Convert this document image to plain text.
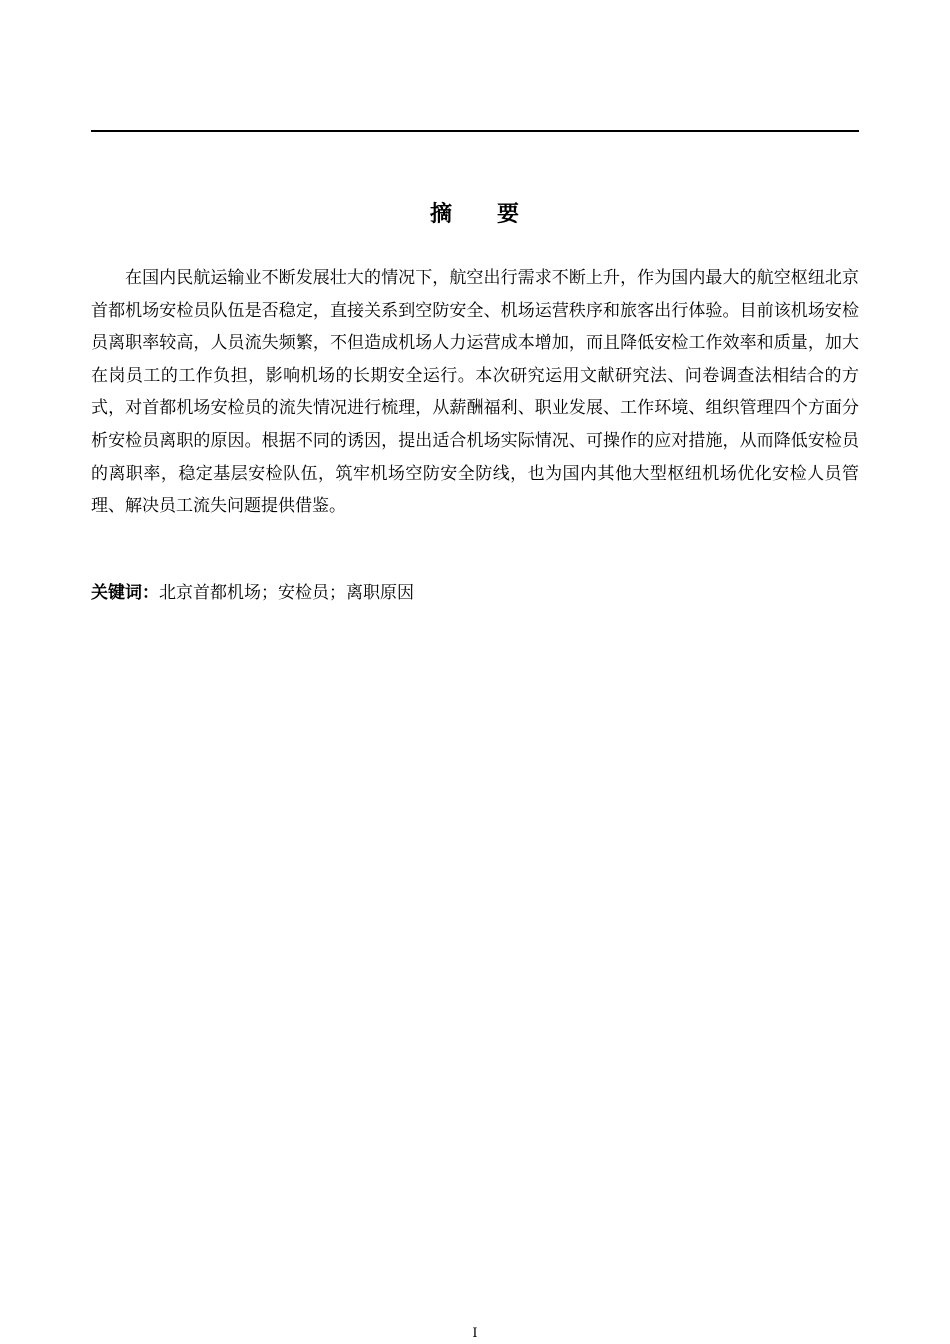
摘 要

在国内民航运输业不断发展壮大的情况下，航空出行需求不断上升，作为国内最大的航空枢纽北京首都机场安检员队伍是否稳定，直接关系到空防安全、机场运营秩序和旅客出行体验。目前该机场安检员离职率较高，人员流失频繁，不但造成机场人力运营成本增加，而且降低安检工作效率和质量，加大在岗员工的工作负担，影响机场的长期安全运行。本次研究运用文献研究法、问卷调查法相结合的方式，对首都机场安检员的流失情况进行梳理，从薪酬福利、职业发展、工作环境、组织管理四个方面分析安检员离职的原因。根据不同的诱因，提出适合机场实际情况、可操作的应对措施，从而降低安检员的离职率，稳定基层安检队伍，筑牢机场空防安全防线，也为国内其他大型枢纽机场优化安检人员管理、解决员工流失问题提供借鉴。

关键词：北京首都机场；安检员；离职原因

I
